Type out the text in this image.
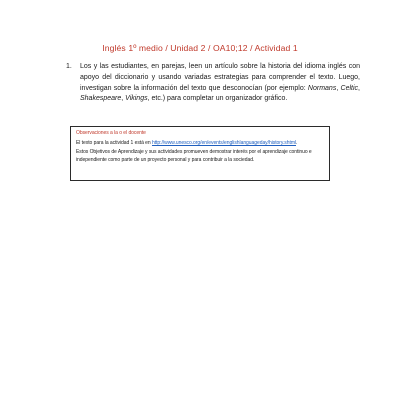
Inglés 1º medio / Unidad 2 / OA10;12 / Actividad 1
1. Los y las estudiantes, en parejas, leen un artículo sobre la historia del idioma inglés con apoyo del diccionario y usando variadas estrategias para comprender el texto. Luego, investigan sobre la información del texto que desconocían (por ejemplo: Normans, Celtic, Shakespeare, Vikings, etc.) para completar un organizador gráfico.
Observaciones a la o el docente
El texto para la actividad 1 está en http://www.unesco.org/en/events/englishlanguageday/history.shtml.
Estos Objetivos de Aprendizaje y sus actividades promueven demostrar interés por el aprendizaje continuo e independiente como parte de un proyecto personal y para contribuir a la sociedad.
